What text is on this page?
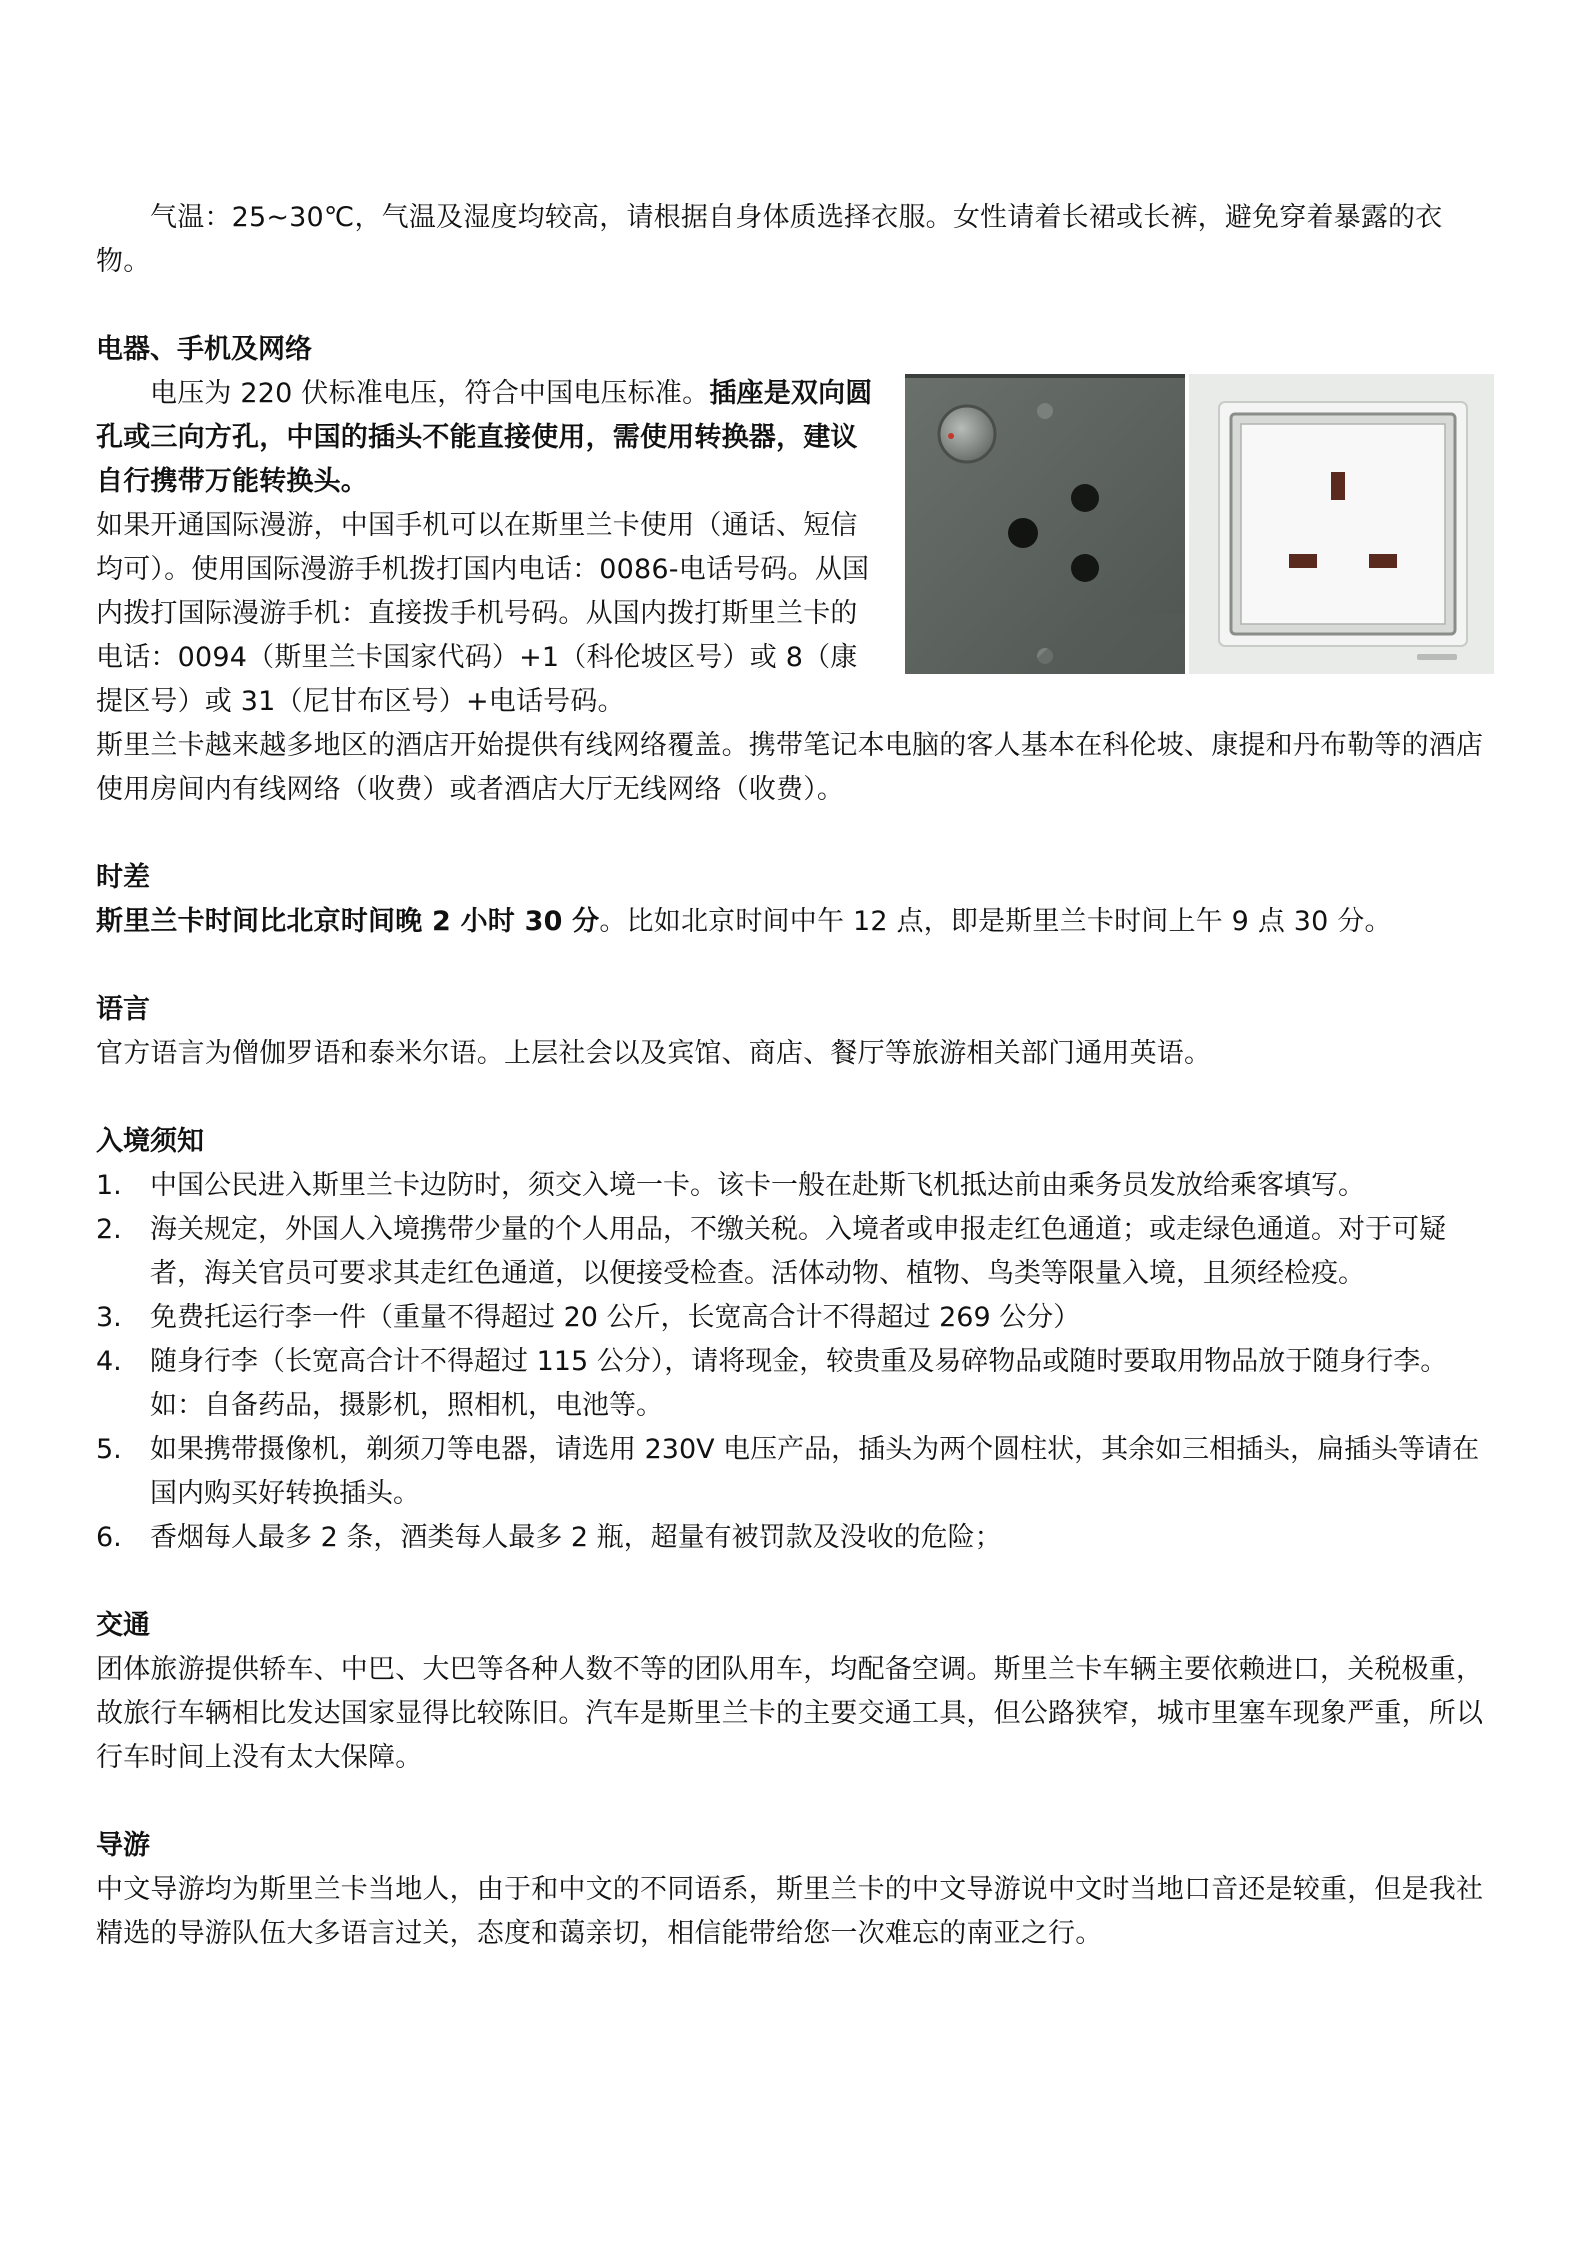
气温：25~30℃，气温及湿度均较高，请根据自身体质选择衣服。女性请着长裙或长裤，避免穿着暴露的衣物。

电器、手机及网络

电压为 220 伏标准电压，符合中国电压标准。插座是双向圆孔或三向方孔，中国的插头不能直接使用，需使用转换器，建议自行携带万能转换头。

如果开通国际漫游，中国手机可以在斯里兰卡使用（通话、短信均可）。使用国际漫游手机拨打国内电话：0086-电话号码。从国内拨打国际漫游手机：直接拨手机号码。从国内拨打斯里兰卡的电话：0094（斯里兰卡国家代码）+1（科伦坡区号）或 8（康提区号）或 31（尼甘布区号）+电话号码。

斯里兰卡越来越多地区的酒店开始提供有线网络覆盖。携带笔记本电脑的客人基本在科伦坡、康提和丹布勒等的酒店使用房间内有线网络（收费）或者酒店大厅无线网络（收费）。

时差

斯里兰卡时间比北京时间晚 2 小时 30 分。比如北京时间中午 12 点，即是斯里兰卡时间上午 9 点 30 分。

语言

官方语言为僧伽罗语和泰米尔语。上层社会以及宾馆、商店、餐厅等旅游相关部门通用英语。

入境须知
1. 中国公民进入斯里兰卡边防时，须交入境一卡。该卡一般在赴斯飞机抵达前由乘务员发放给乘客填写。
2. 海关规定，外国人入境携带少量的个人用品，不缴关税。入境者或申报走红色通道；或走绿色通道。对于可疑者，海关官员可要求其走红色通道，以便接受检查。活体动物、植物、鸟类等限量入境，且须经检疫。
3. 免费托运行李一件（重量不得超过 20 公斤，长宽高合计不得超过 269 公分）
4. 随身行李（长宽高合计不得超过 115 公分），请将现金，较贵重及易碎物品或随时要取用物品放于随身行李。如：自备药品，摄影机，照相机，电池等。
5. 如果携带摄像机，剃须刀等电器，请选用 230V 电压产品，插头为两个圆柱状，其余如三相插头，扁插头等请在国内购买好转换插头。
6. 香烟每人最多 2 条，酒类每人最多 2 瓶，超量有被罚款及没收的危险；
交通

团体旅游提供轿车、中巴、大巴等各种人数不等的团队用车，均配备空调。斯里兰卡车辆主要依赖进口，关税极重，故旅行车辆相比发达国家显得比较陈旧。汽车是斯里兰卡的主要交通工具，但公路狭窄，城市里塞车现象严重，所以行车时间上没有太大保障。

导游

中文导游均为斯里兰卡当地人，由于和中文的不同语系，斯里兰卡的中文导游说中文时当地口音还是较重，但是我社精选的导游队伍大多语言过关，态度和蔼亲切，相信能带给您一次难忘的南亚之行。
